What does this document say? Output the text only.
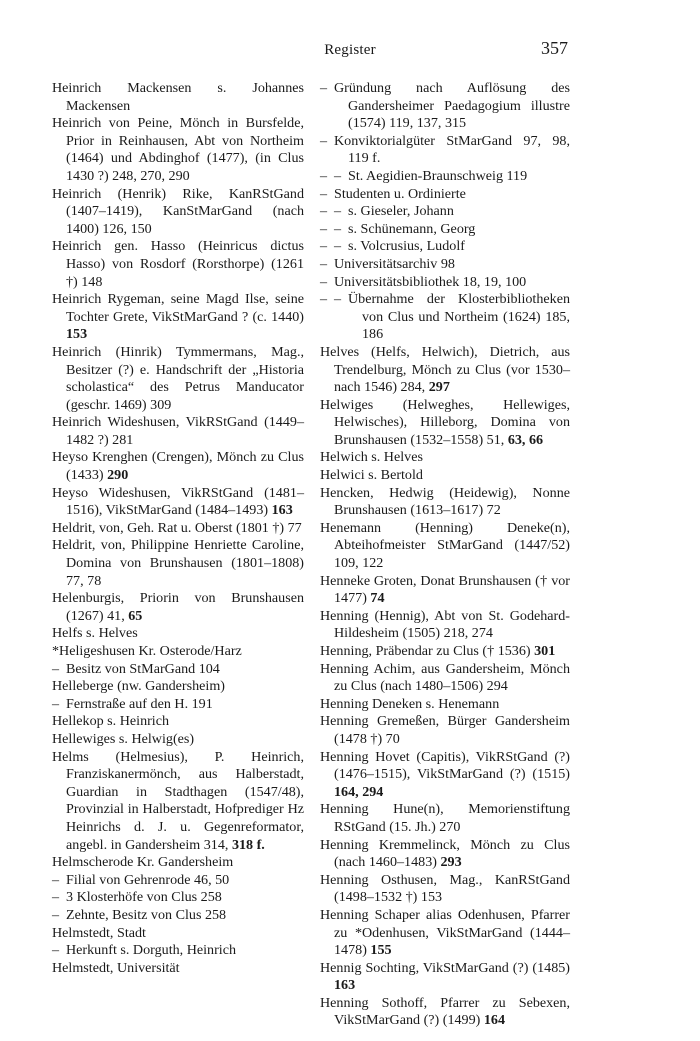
Register	357
Heinrich Mackensen s. Johannes Mackensen
Heinrich von Peine, Mönch in Bursfelde, Prior in Reinhausen, Abt von Northeim (1464) und Abdinghof (1477), (in Clus 1430 ?) 248, 270, 290
Heinrich (Henrik) Rike, KanRStGand (1407–1419), KanStMarGand (nach 1400) 126, 150
Heinrich gen. Hasso (Heinricus dictus Hasso) von Rosdorf (Rorsthorpe) (1261 †) 148
Heinrich Rygeman, seine Magd Ilse, seine Tochter Grete, VikStMarGand ? (c. 1440) 153
Heinrich (Hinrik) Tymmermans, Mag., Besitzer (?) e. Handschrift der „Historia scholastica“ des Petrus Manducator (geschr. 1469) 309
Heinrich Wideshusen, VikRStGand (1449–1482 ?) 281
Heyso Krenghen (Crengen), Mönch zu Clus (1433) 290
Heyso Wideshusen, VikRStGand (1481–1516), VikStMarGand (1484–1493) 163
Heldrit, von, Geh. Rat u. Oberst (1801 †) 77
Heldrit, von, Philippine Henriette Caroline, Domina von Brunshausen (1801–1808) 77, 78
Helenburgis, Priorin von Brunshausen (1267) 41, 65
Helfs s. Helves
*Heligeshusen Kr. Osterode/Harz
– Besitz von StMarGand 104
Helleberge (nw. Gandersheim)
– Fernstraße auf den H. 191
Hellekop s. Heinrich
Hellewiges s. Helwig(es)
Helms (Helmesius), P. Heinrich, Franziskanermönch, aus Halberstadt, Guardian in Stadthagen (1547/48), Provinzial in Halberstadt, Hofprediger Hz Heinrichs d. J. u. Gegenreformator, angebl. in Gandersheim 314, 318 f.
Helmscherode Kr. Gandersheim
– Filial von Gehrenrode 46, 50
– 3 Klosterhöfe von Clus 258
– Zehnte, Besitz von Clus 258
Helmstedt, Stadt
– Herkunft s. Dorguth, Heinrich
Helmstedt, Universität
– Gründung nach Auflösung des Gandersheimer Paedagogium illustre (1574) 119, 137, 315
– Konviktorialgüter StMarGand 97, 98, 119 f.
– – St. Aegidien-Braunschweig 119
– Studenten u. Ordinierte
– – s. Gieseler, Johann
– – s. Schünemann, Georg
– – s. Volcrusius, Ludolf
– Universitätsarchiv 98
– Universitätsbibliothek 18, 19, 100
– – Übernahme der Klosterbibliotheken von Clus und Northeim (1624) 185, 186
Helves (Helfs, Helwich), Dietrich, aus Trendelburg, Mönch zu Clus (vor 1530–nach 1546) 284, 297
Helwiges (Helweghes, Hellewiges, Helwisches), Hilleborg, Domina von Brunshausen (1532–1558) 51, 63, 66
Helwich s. Helves
Helwici s. Bertold
Hencken, Hedwig (Heidewig), Nonne Brunshausen (1613–1617) 72
Henemann (Henning) Deneke(n), Abteihofmeister StMarGand (1447/52) 109, 122
Henneke Groten, Donat Brunshausen († vor 1477) 74
Henning (Hennig), Abt von St. Godehard-Hildesheim (1505) 218, 274
Henning, Präbendar zu Clus († 1536) 301
Henning Achim, aus Gandersheim, Mönch zu Clus (nach 1480–1506) 294
Henning Deneken s. Henemann
Henning Gremeßen, Bürger Gandersheim (1478 †) 70
Henning Hovet (Capitis), VikRStGand (?) (1476–1515), VikStMarGand (?) (1515) 164, 294
Henning Hune(n), Memorienstiftung RStGand (15. Jh.) 270
Henning Kremmelinck, Mönch zu Clus (nach 1460–1483) 293
Henning Osthusen, Mag., KanRStGand (1498–1532 †) 153
Henning Schaper alias Odenhusen, Pfarrer zu *Odenhusen, VikStMarGand (1444–1478) 155
Hennig Sochting, VikStMarGand (?) (1485) 163
Henning Sothoff, Pfarrer zu Sebexen, VikStMarGand (?) (1499) 164
